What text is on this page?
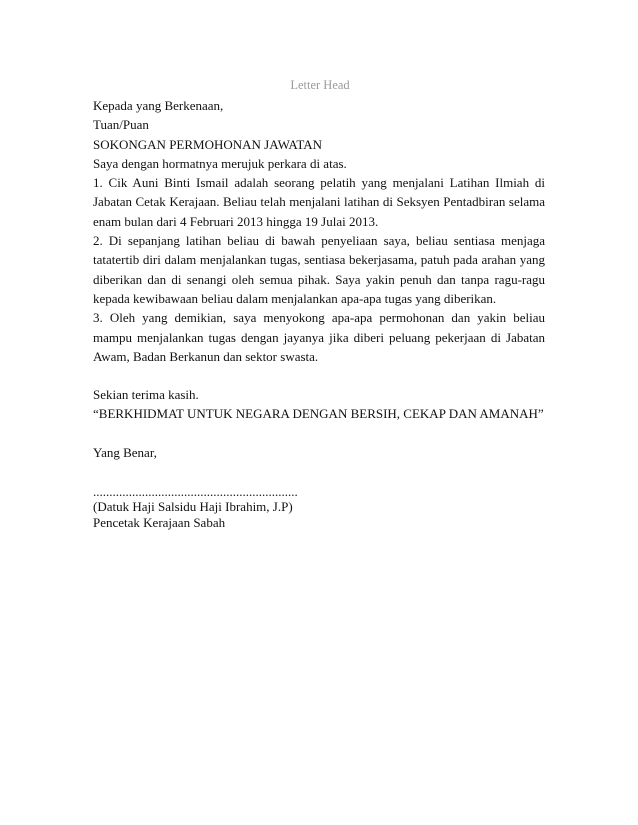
Letter Head
Kepada yang Berkenaan,
Tuan/Puan
SOKONGAN PERMOHONAN JAWATAN
Saya dengan hormatnya merujuk perkara di atas.
1. Cik Auni Binti Ismail adalah seorang pelatih yang menjalani Latihan Ilmiah di Jabatan Cetak Kerajaan. Beliau telah menjalani latihan di Seksyen Pentadbiran selama enam bulan dari 4 Februari 2013 hingga 19 Julai 2013.
2. Di sepanjang latihan beliau di bawah penyeliaan saya, beliau sentiasa menjaga tatatertib diri dalam menjalankan tugas, sentiasa bekerjasama, patuh pada arahan yang diberikan dan di senangi oleh semua pihak. Saya yakin penuh dan tanpa ragu-ragu kepada kewibawaan beliau dalam menjalankan apa-apa tugas yang diberikan.
3. Oleh yang demikian, saya menyokong apa-apa permohonan dan yakin beliau mampu menjalankan tugas dengan jayanya jika diberi peluang pekerjaan di Jabatan Awam, Badan Berkanun dan sektor swasta.
Sekian terima kasih.
“BERKHIDMAT UNTUK NEGARA DENGAN BERSIH, CEKAP DAN AMANAH”
Yang Benar,
...............................................................
(Datuk Haji Salsidu Haji Ibrahim, J.P)
Pencetak Kerajaan Sabah
